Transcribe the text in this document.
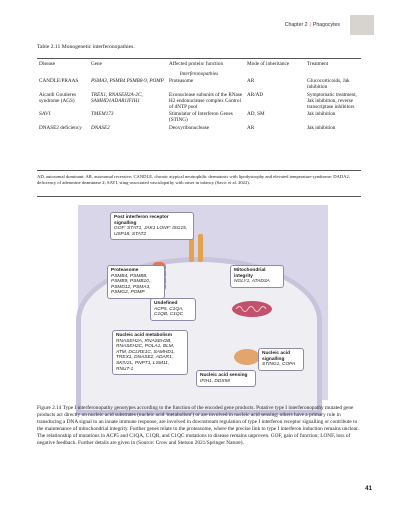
Chapter 2 | Phagocytes
Table 2.11 Monogenetic interferonopathies.
Disease	Gene	Affected protein/ function	Mode of inheritance	Treatment
Interferonopathies				
CANDLE/PRAAS	PSMA3, PSMB4 PSMB8-9, POMP	Proteasome	AR	Glucocorticoids, Jak inhibition
Aicardi Goutieres syndrome (AGS)	TREX1, RNASEH2A-2C, SAMHD1ADAR1IFIH1	Exonuclease subunits of the RNase H2 endonuclease complex Control of dNTP pool	AR/AD	Symptomatic treatment, Jak inhibition, reverse transcriptase inhibitors
SAVI	TMEM173	Stimulator of Interferon Genes (STING)	AD, SM	Jak inhibition
DNASE2 deficiency	DNASE2	Deoxyribonuclease	AR	Jak inhibition
AD, autosomal dominant; AR, autosomal recessive; CANDLE, chronic atypical neutrophilic dermatosis with lipodystrophy and elevated temperature syndrome; DADA2, deficiency of adenosine deaminase 2; SAVI, sting-associated vasculopathy with onset in infancy (Savic et al. 2022).
Post interferon receptor signalling
GOF: STAT1, JAK1 LONF: ISG15, USP18, STAT2
Proteasome
PSMB4, PSMB8, PSMB9, PSMB10, PSMD12, PSMA3, PSMG2, POMP
Mitochondrial integrity
NGLY1, ATAD3A
Undefined
ACP5, C1QA, C1QB, C1QC
Nucleic acid metabolism
RNASEH2A, RNASEH2B, RNASEH2C, POLA1, BLM, ATM, DCLRE1C, SAMHD1, TREX1, DNASE2, ADAR1, SKIV2L, PNPT1, LSM11, RNU7-1
Nucleic acid signalling
STING1, COPA
Nucleic acid sensing
IFIH1, DDX58
Figure 2.14 Type I interferonopathy genotypes according to the function of the encoded gene products. Putative type I interferonopathy mutated gene products act directly on nucleic acid substrates (nucleic acid 'metabolism') or are involved in nucleic acid sensing; others have a primary role in transducing a DNA signal to an innate immune response, are involved in downstream regulation of type I interferon receptor signalling or contribute to the maintenance of mitochondrial integrity. Further genes relate to the proteasome, where the precise link to type I interferon induction remains unclear. The relationship of mutations in ACP5 and C1QA, C1QB, and C1QC mutations to disease remains unproven. GOF, gain of function; LONF, loss of negative feedback. Further details are given in (Source: Crow and Stetson 2021/Springer Nature).
41
